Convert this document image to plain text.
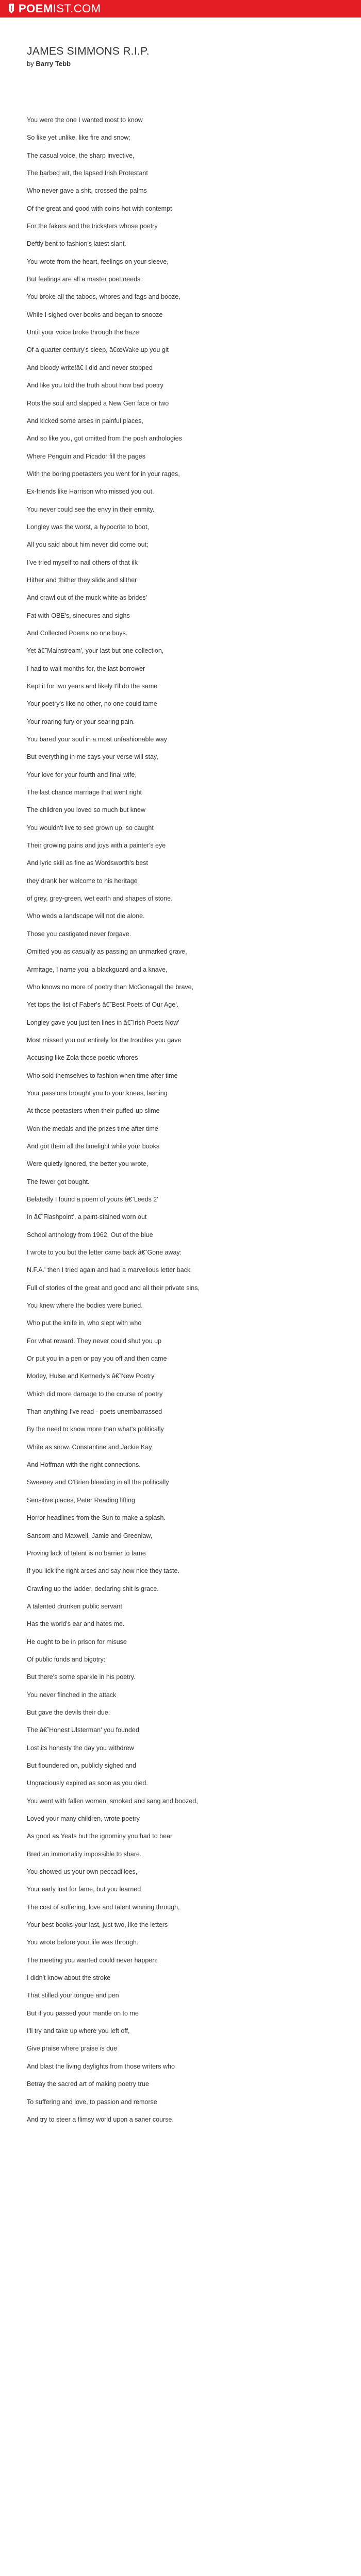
POEMIST.COM
JAMES SIMMONS R.I.P.
by Barry Tebb
You were the one I wanted most to know
So like yet unlike, like fire and snow;
The casual voice, the sharp invective,
The barbed wit, the lapsed Irish Protestant
Who never gave a shit, crossed the palms
Of the great and good with coins hot with contempt
For the fakers and the tricksters whose poetry
Deftly bent to fashion's latest slant.
You wrote from the heart, feelings on your sleeve,
But feelings are all a master poet needs:
You broke all the taboos, whores and fags and booze,
While I sighed over books and began to snooze
Until your voice broke through the haze
Of a quarter century's sleep, â€œWake up you git
And bloody write!â€ I did and never stopped
And like you told the truth about how bad poetry
Rots the soul and slapped a New Gen face or two
And kicked some arses in painful places,
And so like you, got omitted from the posh anthologies
Where Penguin and Picador fill the pages
With the boring poetasters you went for in your rages,
Ex-friends like Harrison who missed you out.
You never could see the envy in their enmity.
Longley was the worst, a hypocrite to boot,
All you said about him never did come out;
I've tried myself to nail others of that ilk
Hither and thither they slide and slither
And crawl out of the muck white as brides'
Fat with OBE's, sinecures and sighs
And Collected Poems no one buys.
Yet â€˜Mainstream', your last but one collection,
I had to wait months for, the last borrower
Kept it for two years and likely I'll do the same
Your poetry's like no other, no one could tame
Your roaring fury or your searing pain.
You bared your soul in a most unfashionable way
But everything in me says your verse will stay,
Your love for your fourth and final wife,
The last chance marriage that went right
The children you loved so much but knew
You wouldn't live to see grown up, so caught
Their growing pains and joys with a painter's eye
And lyric skill as fine as Wordsworth's best
they drank her welcome to his heritage
of grey, grey-green, wet earth and shapes of stone.
Who weds a landscape will not die alone.
Those you castigated never forgave.
Omitted you as casually as passing an unmarked grave,
Armitage, I name you, a blackguard and a knave,
Who knows no more of poetry than McGonagall the brave,
Yet tops the list of Faber's â€˜Best Poets of Our Age'.
Longley gave you just ten lines in â€˜Irish Poets Now'
Most missed you out entirely for the troubles you gave
Accusing like Zola those poetic whores
Who sold themselves to fashion when time after time
Your passions brought you to your knees, lashing
At those poetasters when their puffed-up slime
Won the medals and the prizes time after time
And got them all the limelight while your books
Were quietly ignored, the better you wrote,
The fewer got bought.
Belatedly I found a poem of yours â€˜Leeds 2'
In â€˜Flashpoint', a paint-stained worn out
School anthology from 1962. Out of the blue
I wrote to you but the letter came back â€˜Gone away:
N.F.A.' then I tried again and had a marvellous letter back
Full of stories of the great and good and all their private sins,
You knew where the bodies were buried.
Who put the knife in, who slept with who
For what reward. They never could shut you up
Or put you in a pen or pay you off and then came
Morley, Hulse and Kennedy's â€˜New Poetry'
Which did more damage to the course of poetry
Than anything I've read - poets unembarrassed
By the need to know more than what's politically
White as snow. Constantine and Jackie Kay
And Hoffman with the right connections.
Sweeney and O'Brien bleeding in all the politically
Sensitive places, Peter Reading lifting
Horror headlines from the Sun to make a splash.
Sansom and Maxwell, Jamie and Greenlaw,
Proving lack of talent is no barrier to fame
If you lick the right arses and say how nice they taste.
Crawling up the ladder, declaring shit is grace.
A talented drunken public servant
Has the world's ear and hates me.
He ought to be in prison for misuse
Of public funds and bigotry:
But there's some sparkle in his poetry.
You never flinched in the attack
But gave the devils their due:
The â€˜Honest Ulsterman' you founded
Lost its honesty the day you withdrew
But floundered on, publicly sighed and
Ungraciously expired as soon as you died.
You went with fallen women, smoked and sang and boozed,
Loved your many children, wrote poetry
As good as Yeats but the ignominy you had to bear
Bred an immortality impossible to share.
You showed us your own peccadilloes,
Your early lust for fame, but you learned
The cost of suffering, love and talent winning through,
Your best books your last, just two, like the letters
You wrote before your life was through.
The meeting you wanted could never happen:
I didn't know about the stroke
That stilled your tongue and pen
But if you passed your mantle on to me
I'll try and take up where you left off,
Give praise where praise is due
And blast the living daylights from those writers who
Betray the sacred art of making poetry true
To suffering and love, to passion and remorse
And try to steer a flimsy world upon a saner course.
